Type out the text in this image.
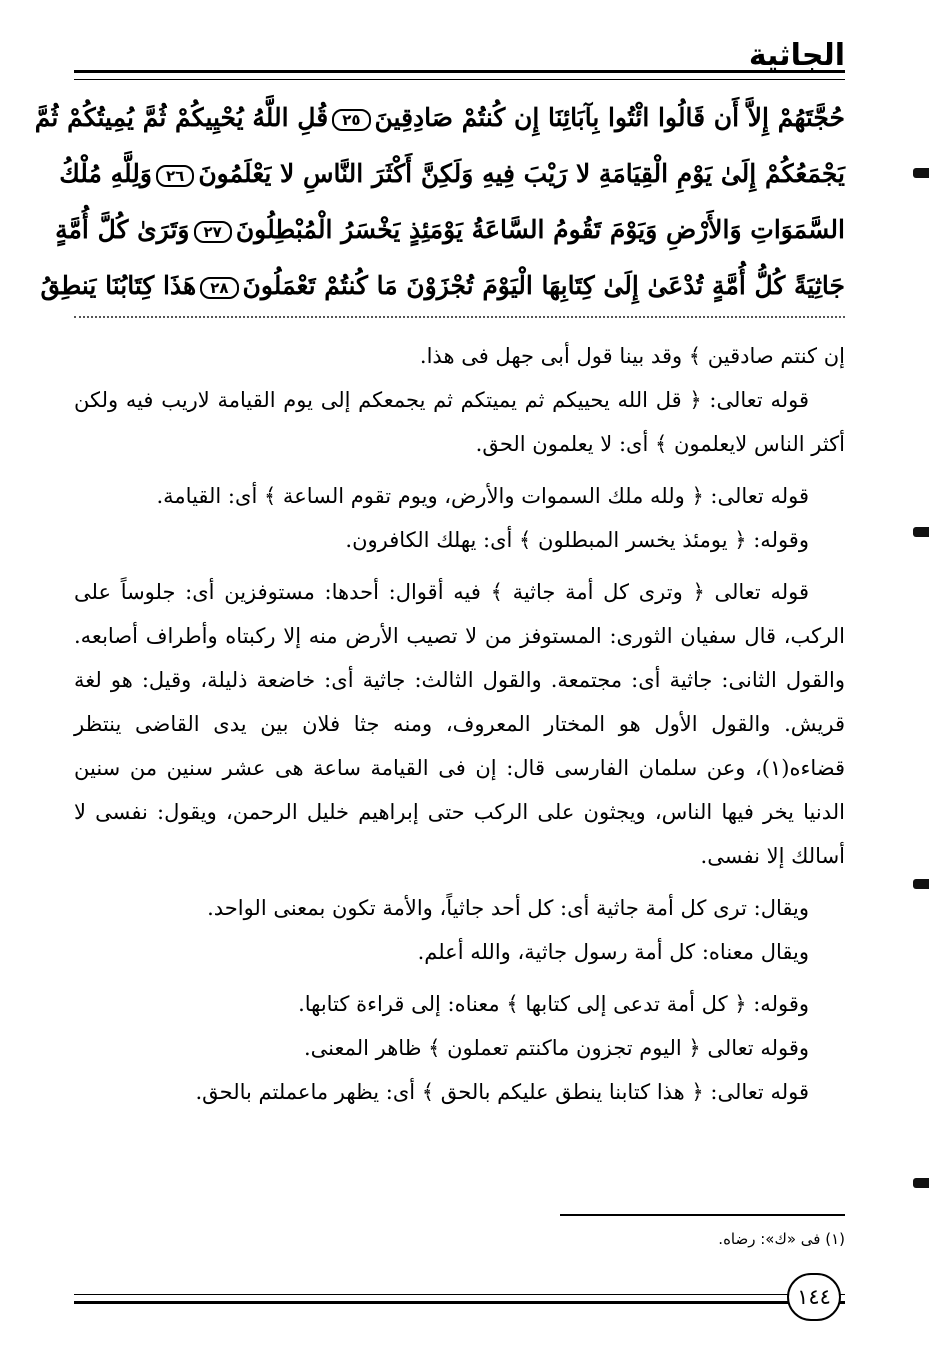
الجاثية
حُجَّتَهُمْ إِلاَّ أَن قَالُوا ائْتُوا بِآبَائِنَا إِن كُنتُمْ صَادِقِينَ٢٥قُلِ اللَّهُ يُحْيِيكُمْ ثُمَّ يُمِيتُكُمْ ثُمَّ
يَجْمَعُكُمْ إِلَىٰ يَوْمِ الْقِيَامَةِ لا رَيْبَ فِيهِ وَلَكِنَّ أَكْثَرَ النَّاسِ لا يَعْلَمُونَ٢٦وَلِلَّهِ مُلْكُ
السَّمَوَاتِ وَالأَرْضِ وَيَوْمَ تَقُومُ السَّاعَةُ يَوْمَئِذٍ يَخْسَرُ الْمُبْطِلُونَ٢٧وَتَرَىٰ كُلَّ أُمَّةٍ
جَاثِيَةً كُلُّ أُمَّةٍ تُدْعَىٰ إِلَىٰ كِتَابِهَا الْيَوْمَ تُجْزَوْنَ مَا كُنتُمْ تَعْمَلُونَ٢٨هَذَا كِتَابُنَا يَنطِقُ

إن كنتم صادقين ﴾ وقد بينا قول أبى جهل فى هذا.

قوله تعالى: ﴿ قل الله يحييكم ثم يميتكم ثم يجمعكم إلى يوم القيامة لاريب فيه ولكن أكثر الناس لايعلمون ﴾ أى: لا يعلمون الحق.

قوله تعالى: ﴿ ولله ملك السموات والأرض، ويوم تقوم الساعة ﴾ أى: القيامة.

وقوله: ﴿ يومئذ يخسر المبطلون ﴾ أى: يهلك الكافرون.

قوله تعالى ﴿ وترى كل أمة جاثية ﴾ فيه أقوال: أحدها: مستوفزين أى: جلوساً على الركب، قال سفيان الثورى: المستوفز من لا تصيب الأرض منه إلا ركبتاه وأطراف أصابعه. والقول الثانى: جاثية أى: مجتمعة. والقول الثالث: جاثية أى: خاضعة ذليلة، وقيل: هو لغة قريش. والقول الأول هو المختار المعروف، ومنه جثا فلان بين يدى القاضى ينتظر قضاءه(١)، وعن سلمان الفارسى قال: إن فى القيامة ساعة هى عشر سنين من سنين الدنيا يخر فيها الناس، ويجثون على الركب حتى إبراهيم خليل الرحمن، ويقول: نفسى لا أسالك إلا نفسى.

ويقال: ترى كل أمة جاثية أى: كل أحد جاثياً، والأمة تكون بمعنى الواحد.

ويقال معناه: كل أمة رسول جاثية، والله أعلم.

وقوله: ﴿ كل أمة تدعى إلى كتابها ﴾ معناه: إلى قراءة كتابها.

وقوله تعالى ﴿ اليوم تجزون ماكنتم تعملون ﴾ ظاهر المعنى.

قوله تعالى: ﴿ هذا كتابنا ينطق عليكم بالحق ﴾ أى: يظهر ماعملتم بالحق.

(١) فى «ك»: رضاه.
١٤٤
